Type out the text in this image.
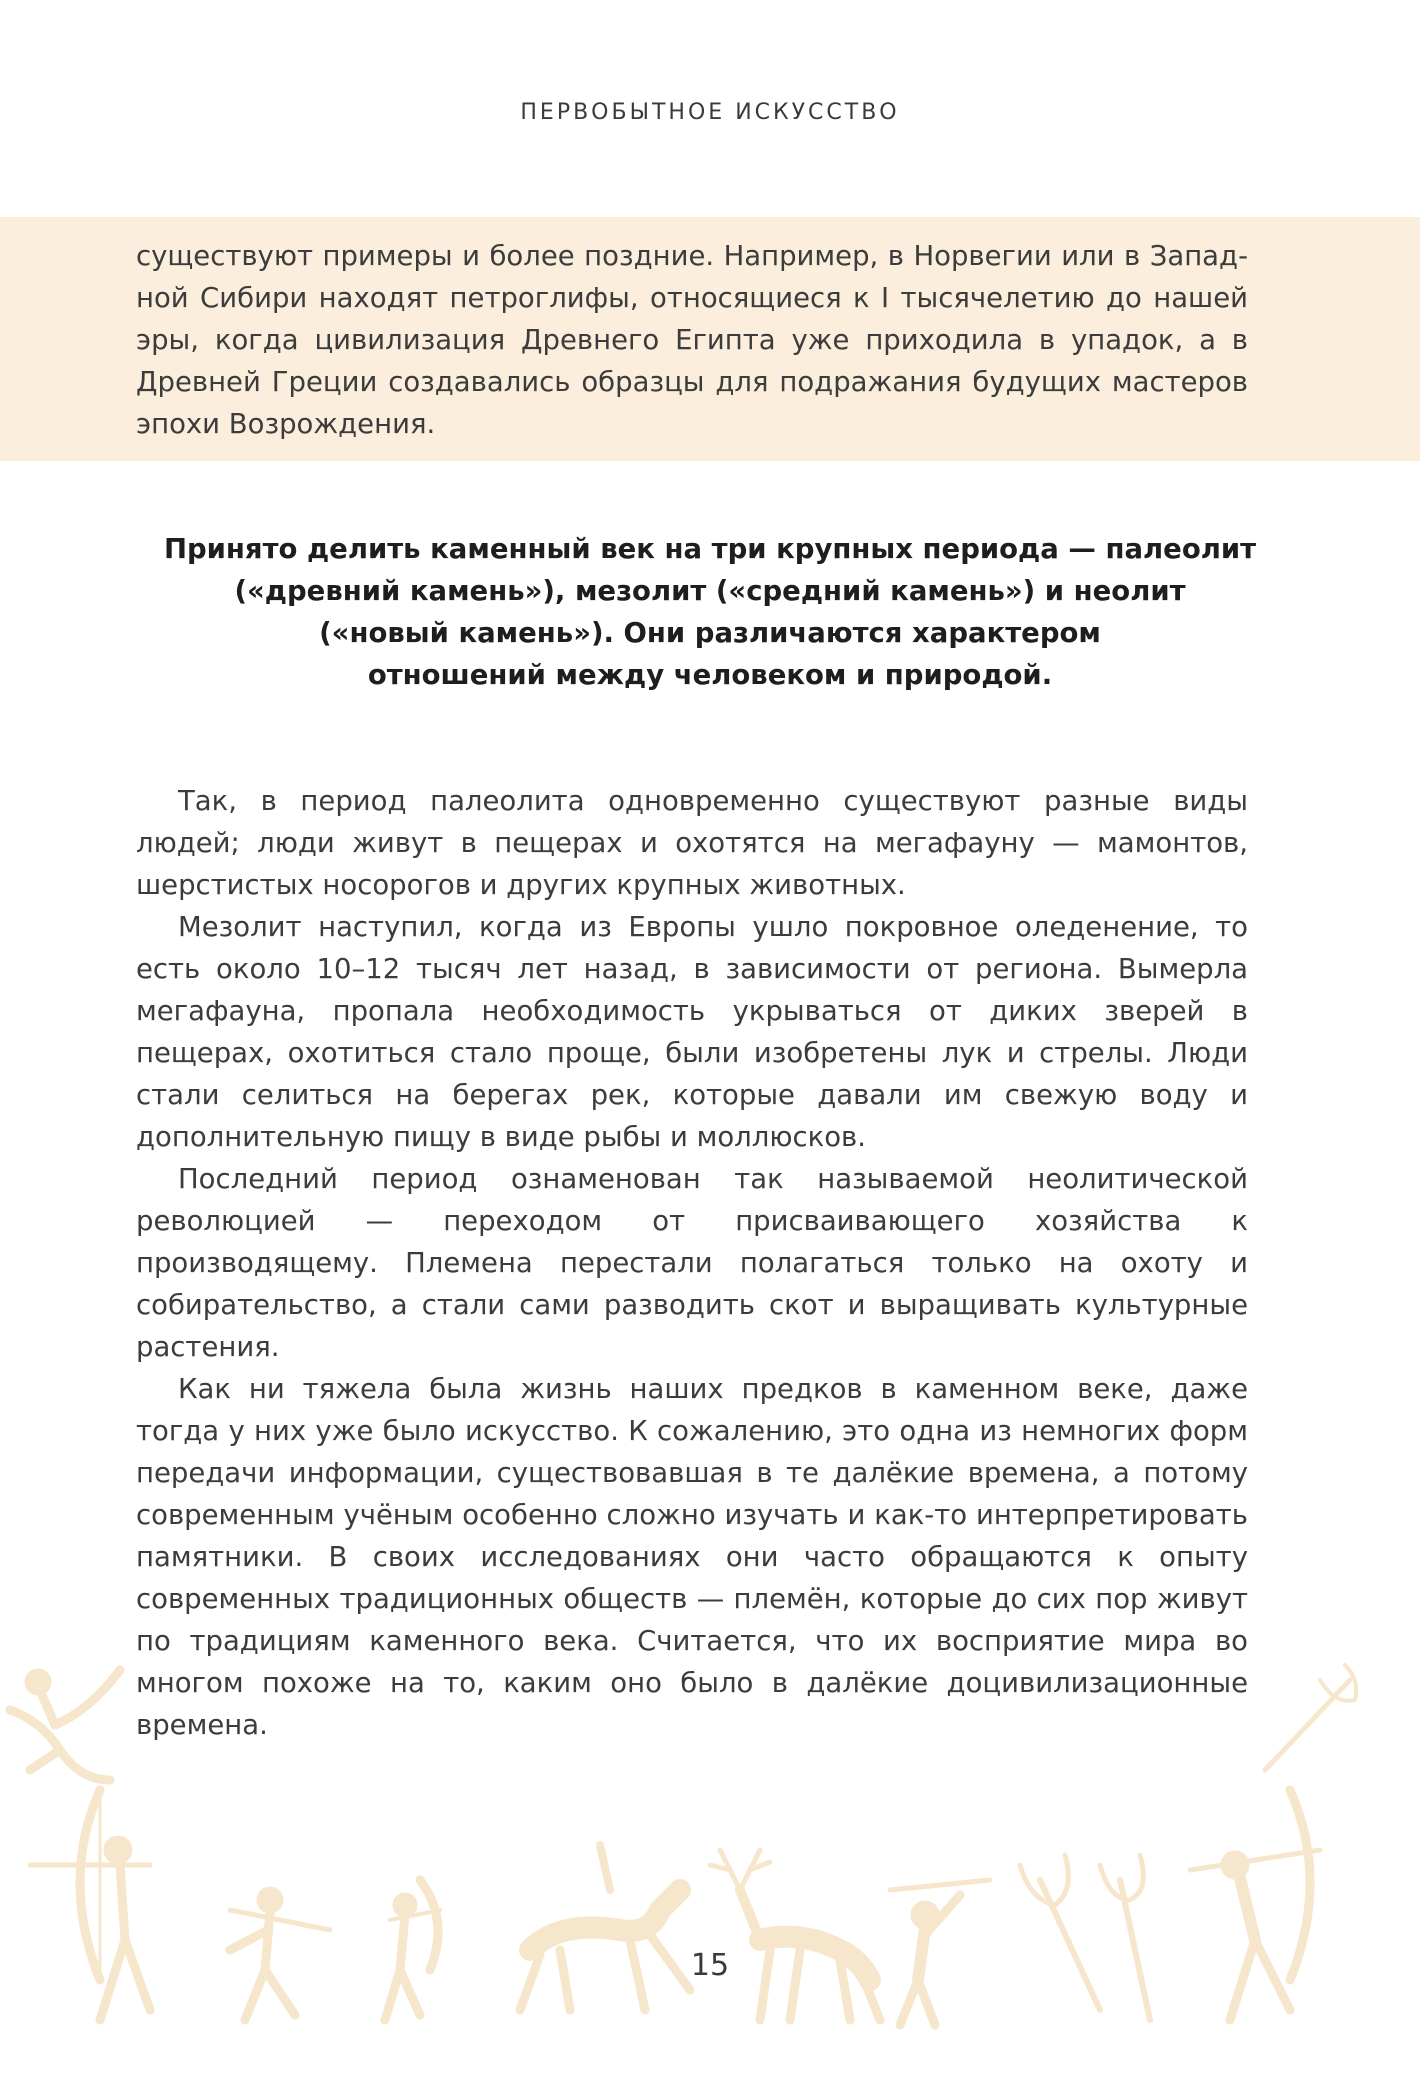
ПЕРВОБЫТНОЕ ИСКУССТВО
существуют примеры и более поздние. Например, в Норвегии или в Западной Сибири находят петроглифы, относящиеся к I тысячелетию до нашей эры, когда цивилизация Древнего Египта уже приходила в упадок, а в Древней Греции создавались образцы для подражания будущих мастеров эпохи Возрождения.
Принято делить каменный век на три крупных периода — палеолит
(«древний камень»), мезолит («средний камень») и неолит
(«новый камень»). Они различаются характером
отношений между человеком и природой.

Так, в период палеолита одновременно существуют разные виды людей; люди живут в пещерах и охотятся на мегафауну — мамонтов, шерстистых носорогов и других крупных животных.

Мезолит наступил, когда из Европы ушло покровное оледенение, то есть около 10–12 тысяч лет назад, в зависимости от региона. Вымерла мегафауна, пропала необходимость укрываться от диких зверей в пещерах, охотиться стало проще, были изобретены лук и стрелы. Люди стали селиться на берегах рек, которые давали им свежую воду и дополнительную пищу в виде рыбы и моллюсков.

Последний период ознаменован так называемой неолитической революцией — переходом от присваивающего хозяйства к производящему. Племена перестали полагаться только на охоту и собирательство, а стали сами разводить скот и выращивать культурные растения.

Как ни тяжела была жизнь наших предков в каменном веке, даже тогда у них уже было искусство. К сожалению, это одна из немногих форм передачи информации, существовавшая в те далёкие времена, а потому современным учёным особенно сложно изучать и как-то интерпретировать памятники. В своих исследованиях они часто обращаются к опыту современных традиционных обществ — племён, которые до сих пор живут по традициям каменного века. Считается, что их восприятие мира во многом похоже на то, каким оно было в далёкие доцивилизационные времена.

15
